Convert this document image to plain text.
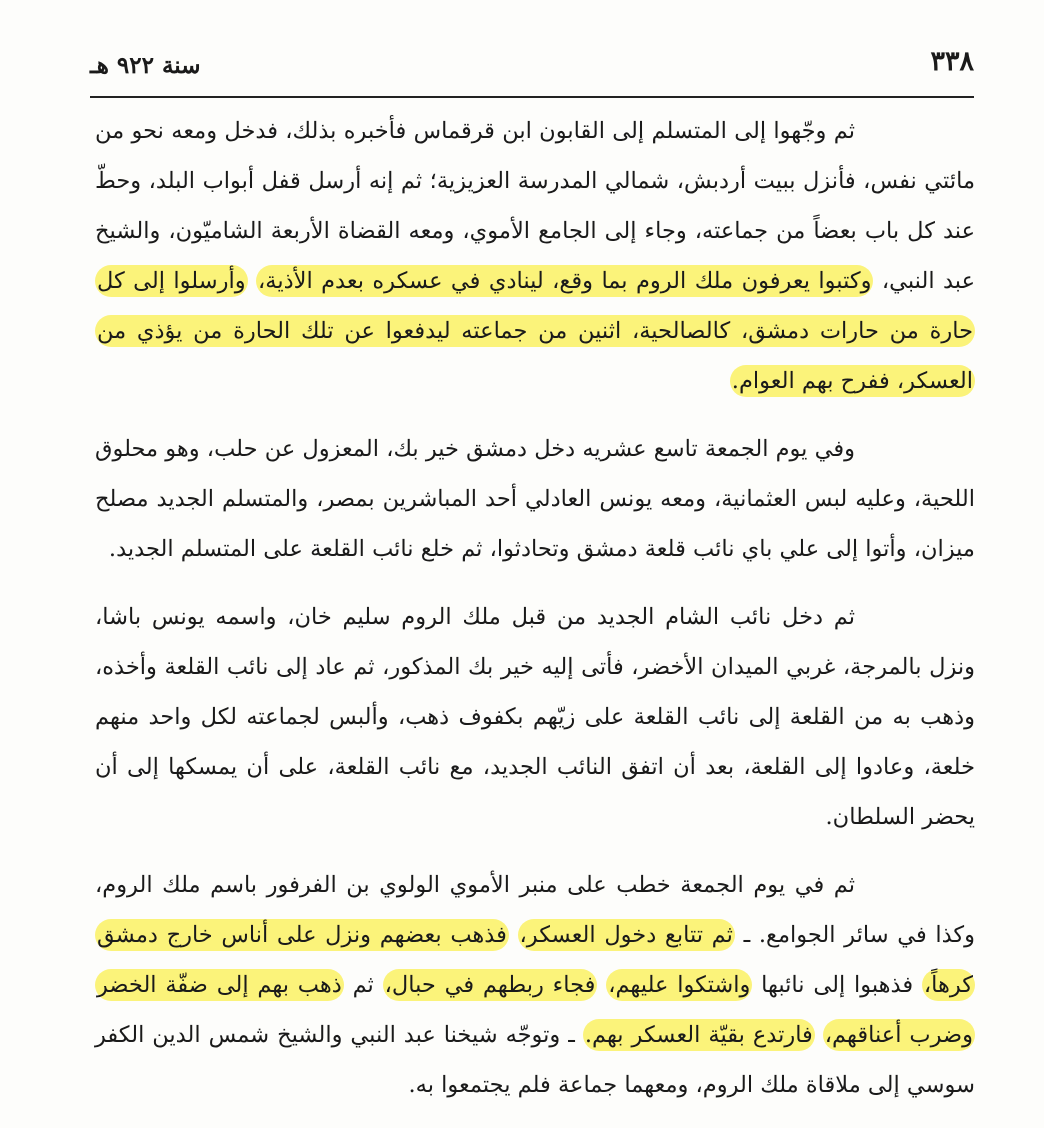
٣٣٨
سنة ٩٢٢ هـ

ثم وجّهوا إلى المتسلم إلى القابون ابن قرقماس فأخبره بذلك، فدخل ومعه نحو من مائتي نفس، فأنزل ببيت أردبش، شمالي المدرسة العزيزية؛ ثم إنه أرسل قفل أبواب البلد، وحطّ عند كل باب بعضاً من جماعته، وجاء إلى الجامع الأموي، ومعه القضاة الأربعة الشاميّون، والشيخ عبد النبي، وكتبوا يعرفون ملك الروم بما وقع، لينادي في عسكره بعدم الأذية، وأرسلوا إلى كل حارة من حارات دمشق، كالصالحية، اثنين من جماعته ليدفعوا عن تلك الحارة من يؤذي من العسكر، ففرح بهم العوام.

وفي يوم الجمعة تاسع عشريه دخل دمشق خير بك، المعزول عن حلب، وهو محلوق اللحية، وعليه لبس العثمانية، ومعه يونس العادلي أحد المباشرين بمصر، والمتسلم الجديد مصلح ميزان، وأتوا إلى علي باي نائب قلعة دمشق وتحادثوا، ثم خلع نائب القلعة على المتسلم الجديد.

ثم دخل نائب الشام الجديد من قبل ملك الروم سليم خان، واسمه يونس باشا، ونزل بالمرجة، غربي الميدان الأخضر، فأتى إليه خير بك المذكور، ثم عاد إلى نائب القلعة وأخذه، وذهب به من القلعة إلى نائب القلعة على زيّهم بكفوف ذهب، وألبس لجماعته لكل واحد منهم خلعة، وعادوا إلى القلعة، بعد أن اتفق النائب الجديد، مع نائب القلعة، على أن يمسكها إلى أن يحضر السلطان.

ثم في يوم الجمعة خطب على منبر الأموي الولوي بن الفرفور باسم ملك الروم، وكذا في سائر الجوامع. ـ ثم تتابع دخول العسكر، فذهب بعضهم ونزل على أناس خارج دمشق كرهاً، فذهبوا إلى نائبها واشتكوا عليهم، فجاء ربطهم في حبال، ثم ذهب بهم إلى ضفّة الخضر وضرب أعناقهم، فارتدع بقيّة العسكر بهم. ـ وتوجّه شيخنا عبد النبي والشيخ شمس الدين الكفر سوسي إلى ملاقاة ملك الروم، ومعهما جماعة فلم يجتمعوا به.
